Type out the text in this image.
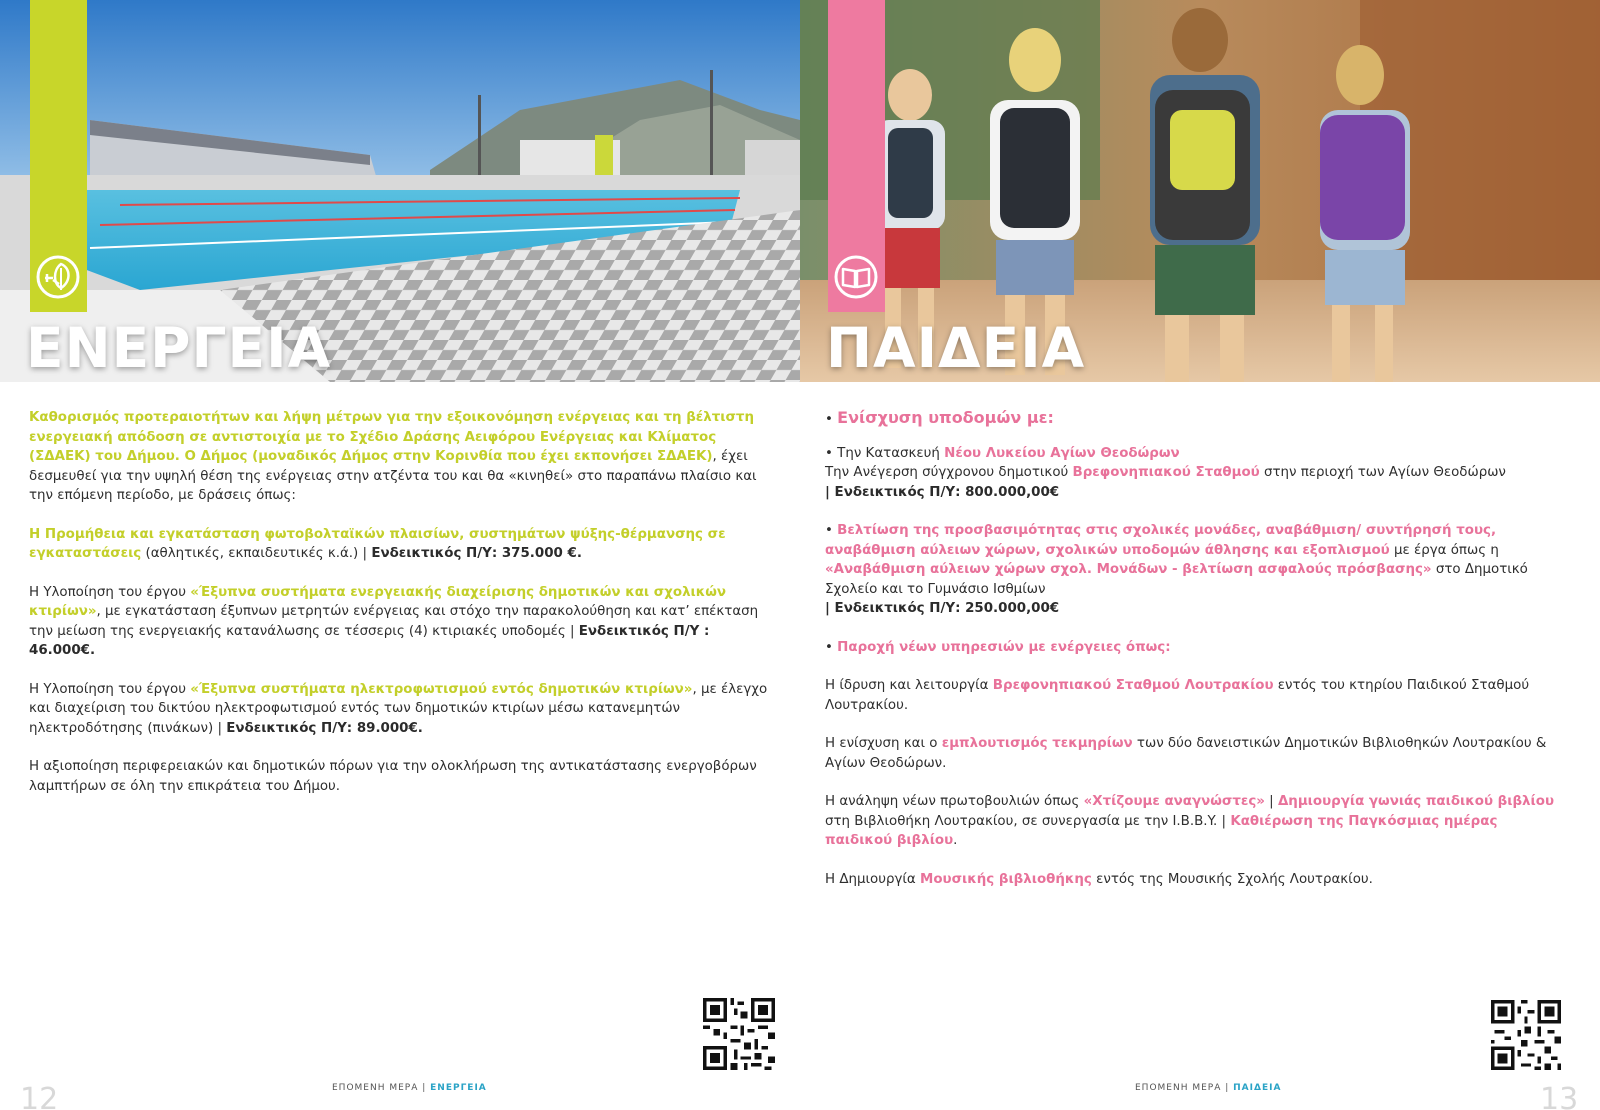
ΕΝΕΡΓΕΙΑ

Καθορισμός προτεραιοτήτων και λήψη μέτρων για την εξοικονόμηση ενέργειας και τη βέλτιστη ενεργειακή απόδοση σε αντιστοιχία με το Σχέδιο Δράσης Αειφόρου Ενέργειας και Κλίματος (ΣΔΑΕΚ) του Δήμου. Ο Δήμος (μοναδικός Δήμος στην Κορινθία που έχει εκπονήσει ΣΔΑΕΚ), έχει δεσμευθεί για την υψηλή θέση της ενέργειας στην ατζέντα του και θα «κινηθεί» στο παραπάνω πλαίσιο και την επόμενη περίοδο, με δράσεις όπως:

Η Προμήθεια και εγκατάσταση φωτοβολταϊκών πλαισίων, συστημάτων ψύξης-θέρμανσης σε εγκαταστάσεις (αθλητικές, εκπαιδευτικές κ.ά.) | Ενδεικτικός Π/Υ: 375.000 €.

Η Υλοποίηση του έργου «Έξυπνα συστήματα ενεργειακής διαχείρισης δημοτικών και σχολικών κτιρίων», με εγκατάσταση έξυπνων μετρητών ενέργειας και στόχο την παρακολούθηση και κατ’ επέκταση την μείωση της ενεργειακής κατανάλωσης σε τέσσερις (4) κτιριακές υποδομές | Ενδεικτικός Π/Υ : 46.000€.

Η Υλοποίηση του έργου «Έξυπνα συστήματα ηλεκτροφωτισμού εντός δημοτικών κτιρίων», με έλεγχο και διαχείριση του δικτύου ηλεκτροφωτισμού εντός των δημοτικών κτιρίων μέσω κατανεμητών ηλεκτροδότησης (πινάκων) | Ενδεικτικός Π/Υ: 89.000€.

Η αξιοποίηση περιφερειακών και δημοτικών πόρων για την ολοκλήρωση της αντικατάστασης ενεργοβόρων λαμπτήρων σε όλη την επικράτεια του Δήμου.

ΕΠΟΜΕΝΗ ΜΕΡΑ | ΕΝΕΡΓΕΙΑ
12
ΠΑΙΔΕΙΑ

• Ενίσχυση υποδομών με:

• Την Κατασκευή Νέου Λυκείου Αγίων Θεοδώρων
Την Ανέγερση σύγχρονου δημοτικού Βρεφονηπιακού Σταθμού στην περιοχή των Αγίων Θεοδώρων
| Ενδεικτικός Π/Υ: 800.000,00€

• Βελτίωση της προσβασιμότητας στις σχολικές μονάδες, αναβάθμιση/ συντήρησή τους, αναβάθμιση αύλειων χώρων, σχολικών υποδομών άθλησης και εξοπλισμού με έργα όπως η «Αναβάθμιση αύλειων χώρων σχολ. Μονάδων - βελτίωση ασφαλούς πρόσβασης» στο Δημοτικό Σχολείο και το Γυμνάσιο Ισθμίων
| Ενδεικτικός Π/Υ: 250.000,00€

• Παροχή νέων υπηρεσιών με ενέργειες όπως:

Η ίδρυση και λειτουργία Βρεφονηπιακού Σταθμού Λουτρακίου εντός του κτηρίου Παιδικού Σταθμού Λουτρακίου.

Η ενίσχυση και ο εμπλουτισμός τεκμηρίων των δύο δανειστικών Δημοτικών Βιβλιοθηκών Λουτρακίου & Αγίων Θεοδώρων.

Η ανάληψη νέων πρωτοβουλιών όπως «Χτίζουμε αναγνώστες» | Δημιουργία γωνιάς παιδικού βιβλίου στη Βιβλιοθήκη Λουτρακίου, σε συνεργασία με την I.B.B.Y. | Καθιέρωση της Παγκόσμιας ημέρας παιδικού βιβλίου.

Η Δημιουργία Μουσικής βιβλιοθήκης εντός της Μουσικής Σχολής Λουτρακίου.

ΕΠΟΜΕΝΗ ΜΕΡΑ | ΠΑΙΔΕΙΑ	13
